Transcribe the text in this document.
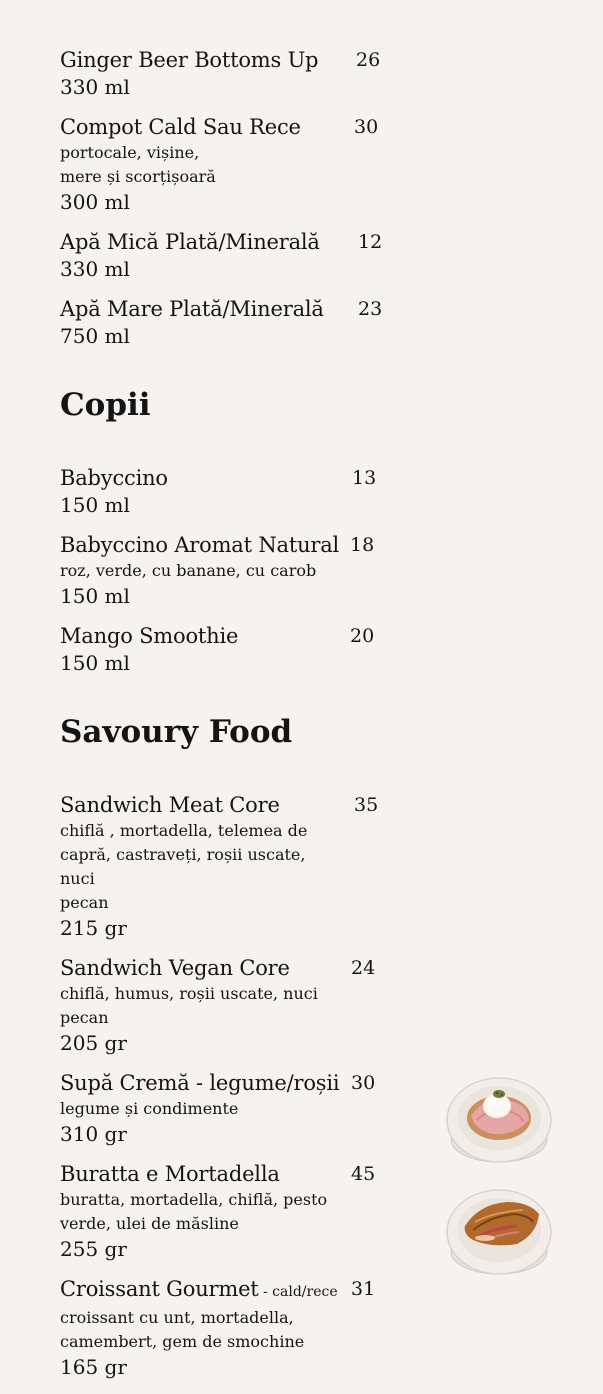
Ginger Beer Bottoms Up	26
330 ml
Compot Cald Sau Rece	30
portocale, vișine,
mere și scorțișoară
300 ml
Apă Mică Plată/Minerală	12
330 ml
Apă Mare Plată/Minerală	23
750 ml
Copii
Babyccino	13
150 ml
Babyccino Aromat Natural 18
roz, verde, cu banane, cu carob
150 ml
Mango Smoothie	20
150 ml
Savoury Food
Sandwich Meat Core	35
chiflă , mortadella, telemea de
capră, castraveți, roșii uscate, nuci
pecan
215 gr
Sandwich Vegan Core	24
chiflă, humus, roșii uscate, nuci
pecan
205 gr
Supă Cremă - legume/roșii 30
legume și condimente
310 gr
Buratta e Mortadella	45
buratta, mortadella, chiflă, pesto
verde, ulei de măsline
255 gr
Croissant Gourmet - cald/rece 31
croissant cu unt, mortadella,
camembert, gem de smochine
165 gr
